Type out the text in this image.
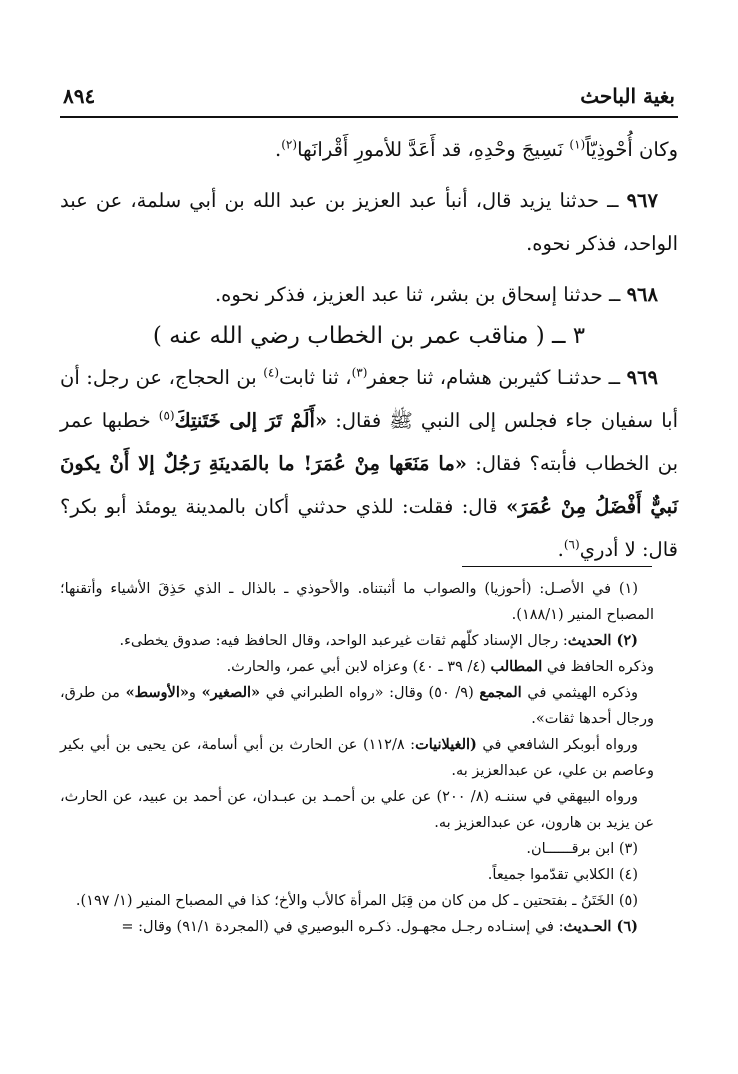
٨٩٤	بغية الباحث

وكان أُحْوذِيّاً$^{(١)}$ نَسِيجَ وحْدِهِ، قد أَعَدَّ للأمورِ أَقْرانَها$^{(٢)}$.

٩٦٧ ــ حدثنا يزيد قال، أنبأ عبد العزيز بن عبد الله بن أبي سلمة، عن عبد الواحد، فذكر نحوه.

٩٦٨ ــ حدثنا إسحاق بن بشر، ثنا عبد العزيز، فذكر نحوه.

٣ ــ ( مناقب عمر بن الخطاب رضي الله عنه )

٩٦٩ ــ حدثنـا كثيربن هشام، ثنا جعفر$^{(٣)}$، ثنا ثابت$^{(٤)}$ بن الحجاج، عن رجل: أن أبا سفيان جاء فجلس إلى النبي ﷺ فقال: «أَلَمْ تَرَ إلى خَتَنتِكَ$^{(٥)}$ خطبها عمر بن الخطاب فأبته؟ فقال: «ما مَنَعَها مِنْ عُمَرَ! ما بالمَدينَةِ رَجُلٌ إلا أَنْ يكونَ نَبيٌّ أَفْضَلُ مِنْ عُمَرَ» قال: فقلت: للذي حدثني أكان بالمدينة يومئذ أبو بكر؟ قال: لا أدري$^{(٦)}$.

(١) في الأصـل: (أحوزيا) والصواب ما أثبتناه. والأحوذي ـ بالذال ـ الذي حَذِقَ الأشياء وأتقنها؛ المصباح المنير (١٨٨/١).

(٢) الحديث: رجال الإسناد كلّهم ثقات غيرعبد الواحد، وقال الحافظ فيه: صدوق يخطىء.

وذكره الحافظ في المطالب (٤/ ٣٩ ـ ٤٠) وعزاه لابن أبي عمر، والحارث.

وذكره الهيثمي في المجمع (٩/ ٥٠) وقال: «رواه الطبراني في «الصغير» و«الأوسط» من طرق، ورجال أحدها ثقات».

ورواه أبوبكر الشافعي في (الغيلانيات: ١١٢/٨) عن الحارث بن أبي أسامة، عن يحيى بن أبي بكير وعاصم بن علي، عن عبدالعزيز به.

ورواه البيهقي في سننـه (٨/ ٢٠٠) عن علي بن أحمـد بن عبـدان، عن أحمد بن عبيد، عن الحارث، عن يزيد بن هارون، عن عبدالعزيز به.

(٣) ابن برقــــــان.

(٤) الكلابي تقدّموا جميعاً.

(٥) الخَتَنُ ـ بفتحتين ـ كل من كان من قِبَل المرأة كالأب والأخ؛ كذا في المصباح المنير (١/ ١٩٧).

(٦) الحـديث: في إسنـاده رجـل مجهـول. ذكـره البوصيري في (المجردة ٩١/١) وقال: =
